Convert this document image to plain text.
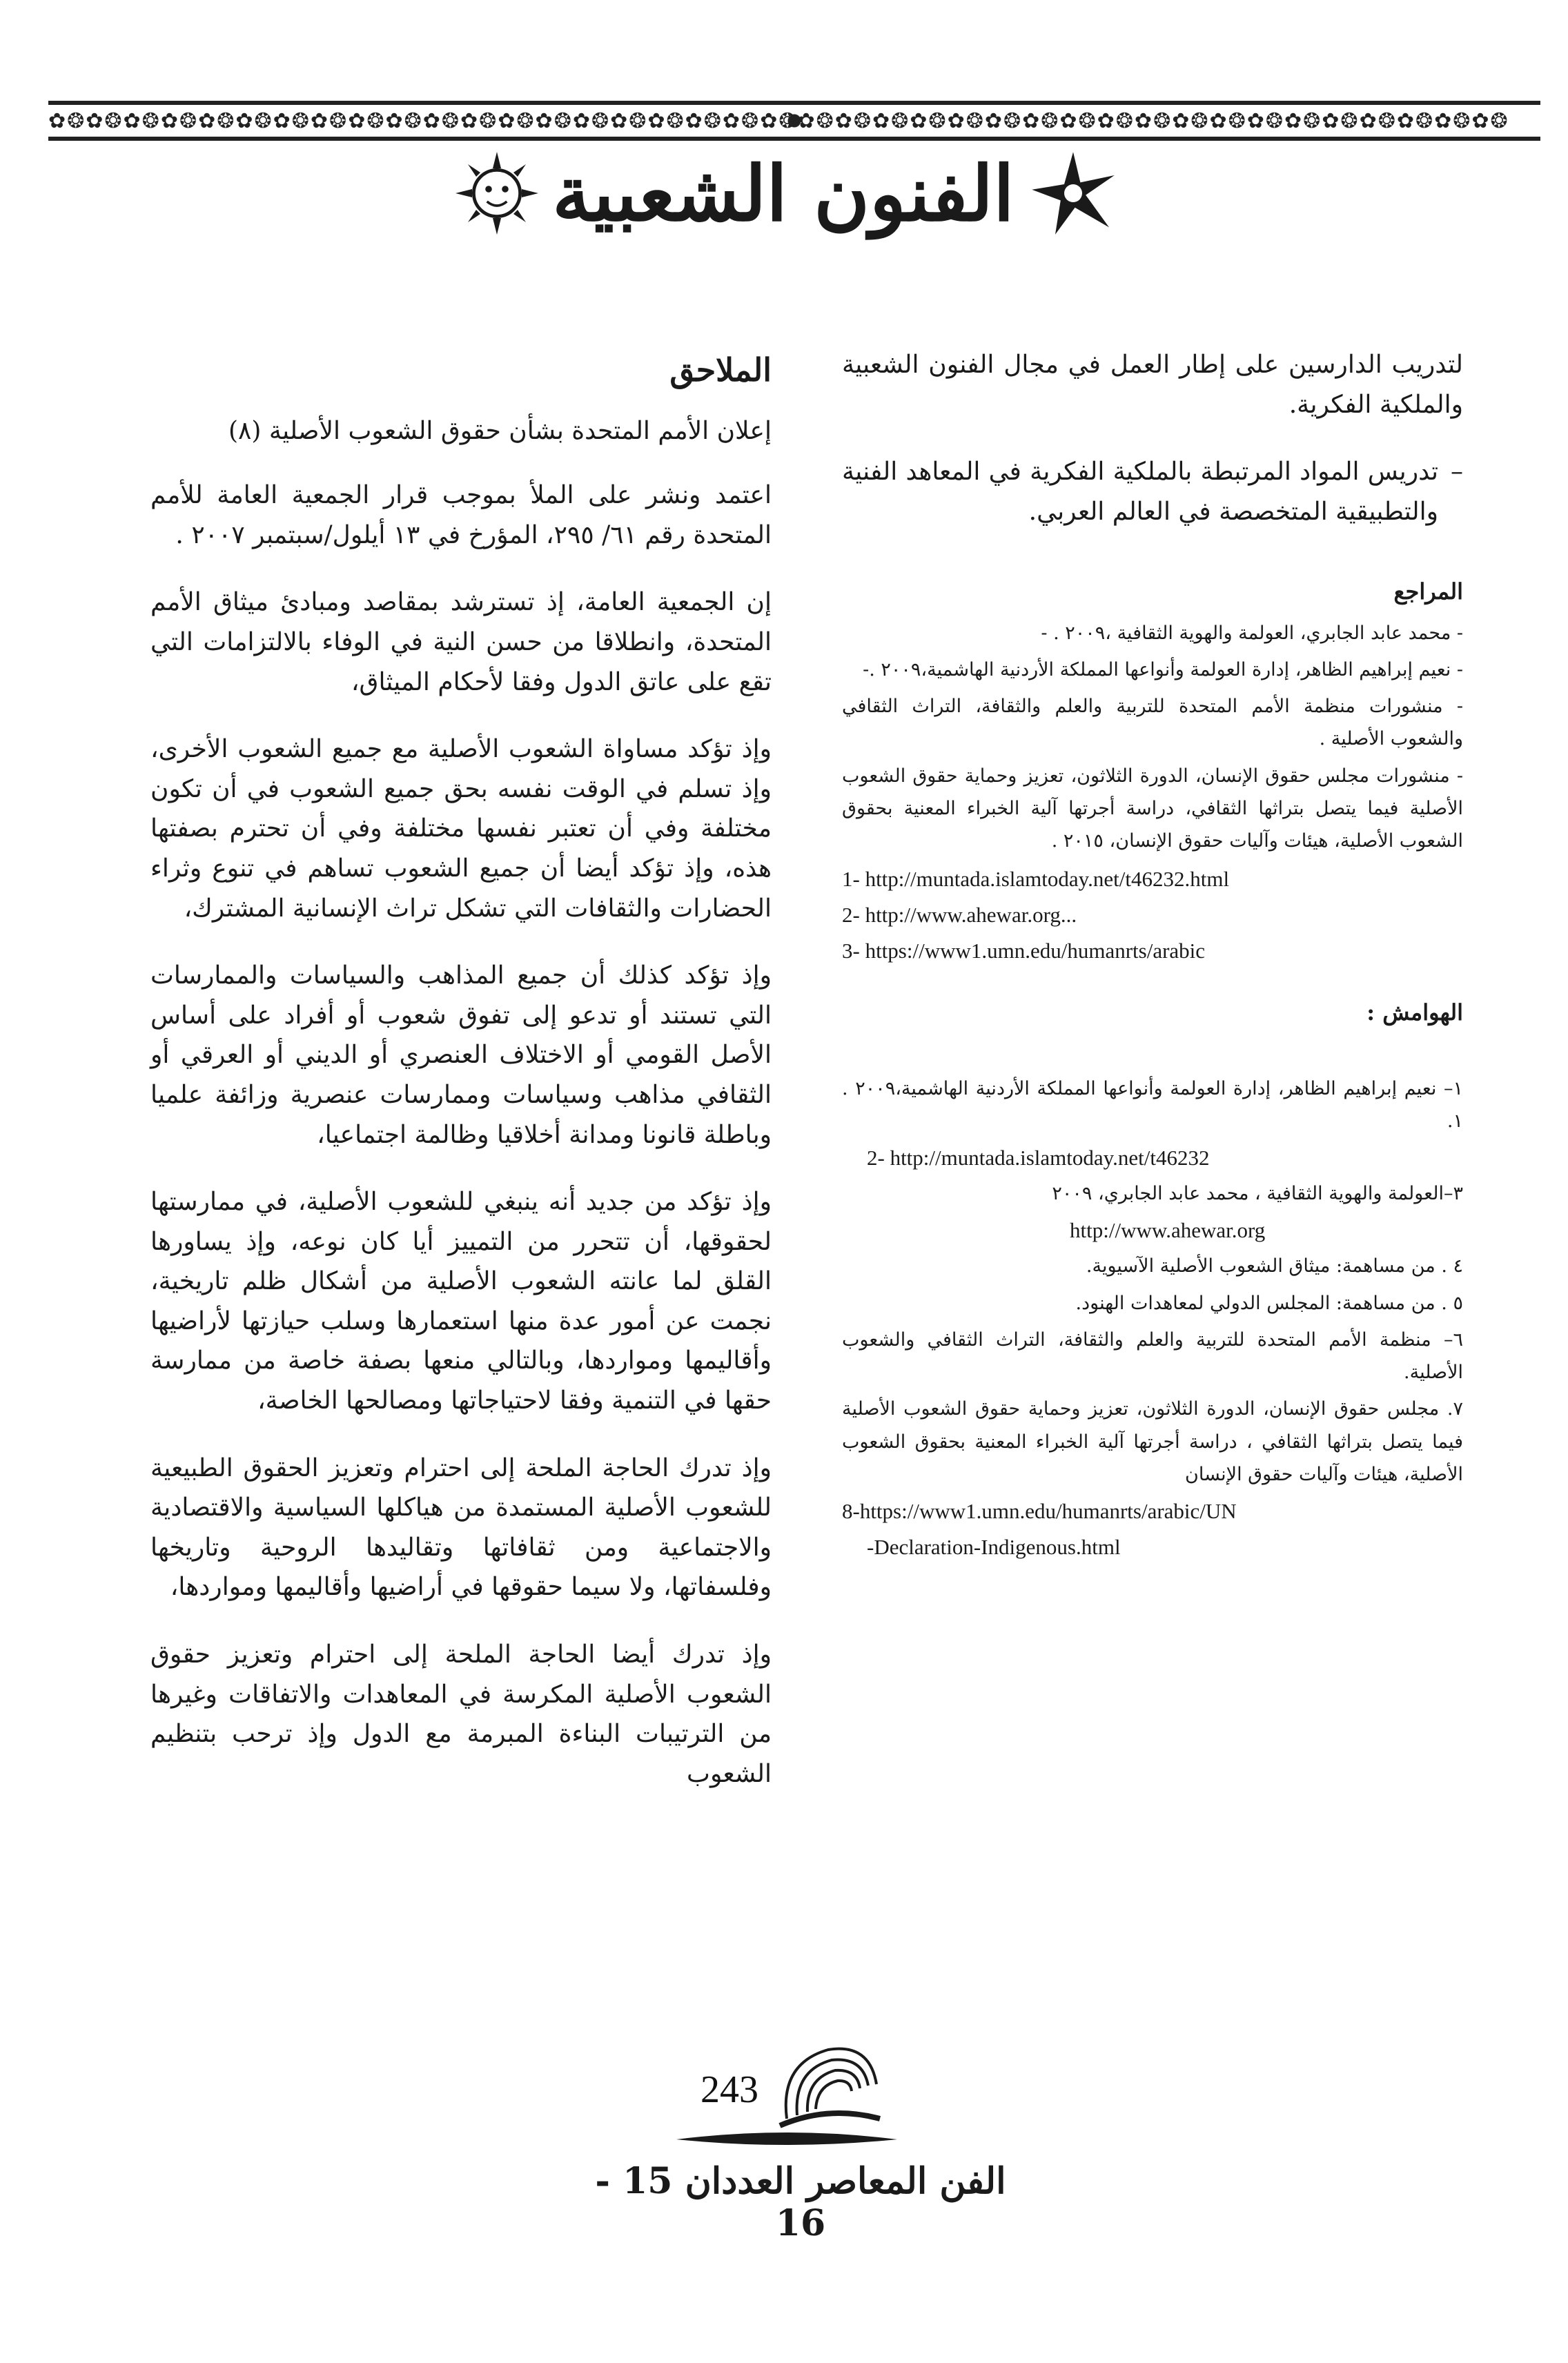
✿❂✿❂✿❂✿❂✿❂✿❂✿❂✿❂✿❂✿❂✿❂✿❂✿❂✿❂✿❂✿❂✿❂✿❂✿❂✿❂✿❂✿❂✿❂✿❂✿❂✿❂✿❂✿❂✿❂✿❂✿❂✿❂✿❂✿❂✿❂✿❂✿❂✿❂✿❂
الفنون الشعبية

لتدريب الدارسين على إطار العمل في مجال الفنون الشعبية والملكية الفكرية.

–

تدريس المواد المرتبطة بالملكية الفكرية في المعاهد الفنية والتطبيقية المتخصصة في العالم العربي.

المراجع

- محمد عابد الجابري، العولمة والهوية الثقافية ،٢٠٠٩ . -

- نعيم إبراهيم الظاهر، إدارة العولمة وأنواعها المملكة الأردنية الهاشمية،٢٠٠٩ .-

- منشورات منظمة الأمم المتحدة للتربية والعلم والثقافة، التراث الثقافي والشعوب الأصلية .

- منشورات مجلس حقوق الإنسان، الدورة الثلاثون، تعزيز وحماية حقوق الشعوب الأصلية فيما يتصل بتراثها الثقافي، دراسة أجرتها آلية الخبراء المعنية بحقوق الشعوب الأصلية، هيئات وآليات حقوق الإنسان، ٢٠١٥ .

1- http://muntada.islamtoday.net/t46232.html

2- http://www.ahewar.org...

3- https://www1.umn.edu/humanrts/arabic

الهوامش :

١– نعيم إبراهيم الظاهر، إدارة العولمة وأنواعها المملكة الأردنية الهاشمية،٢٠٠٩ . ١.

2- http://muntada.islamtoday.net/t46232

٣–العولمة والهوية الثقافية ، محمد عابد الجابري، ٢٠٠٩

http://www.ahewar.org

٤ . من مساهمة: ميثاق الشعوب الأصلية الآسيوية.

٥ . من مساهمة: المجلس الدولي لمعاهدات الهنود.

٦– منظمة الأمم المتحدة للتربية والعلم والثقافة، التراث الثقافي والشعوب الأصلية.

٧. مجلس حقوق الإنسان، الدورة الثلاثون، تعزيز وحماية حقوق الشعوب الأصلية فيما يتصل بتراثها الثقافي ، دراسة أجرتها آلية الخبراء المعنية بحقوق الشعوب الأصلية، هيئات وآليات حقوق الإنسان

8-https://www1.umn.edu/humanrts/arabic/UN

-Declaration-Indigenous.html

الملاحق

إعلان الأمم المتحدة بشأن حقوق الشعوب الأصلية (٨)

اعتمد ونشر على الملأ بموجب قرار الجمعية العامة للأمم المتحدة رقم ٦١/ ٢٩٥، المؤرخ في ١٣ أيلول/سبتمبر ٢٠٠٧ .

إن الجمعية العامة، إذ تسترشد بمقاصد ومبادئ ميثاق الأمم المتحدة، وانطلاقا من حسن النية في الوفاء بالالتزامات التي تقع على عاتق الدول وفقا لأحكام الميثاق،

وإذ تؤكد مساواة الشعوب الأصلية مع جميع الشعوب الأخرى، وإذ تسلم في الوقت نفسه بحق جميع الشعوب في أن تكون مختلفة وفي أن تعتبر نفسها مختلفة وفي أن تحترم بصفتها هذه، وإذ تؤكد أيضا أن جميع الشعوب تساهم في تنوع وثراء الحضارات والثقافات التي تشكل تراث الإنسانية المشترك،

وإذ تؤكد كذلك أن جميع المذاهب والسياسات والممارسات التي تستند أو تدعو إلى تفوق شعوب أو أفراد على أساس الأصل القومي أو الاختلاف العنصري أو الديني أو العرقي أو الثقافي مذاهب وسياسات وممارسات عنصرية وزائفة علميا وباطلة قانونا ومدانة أخلاقيا وظالمة اجتماعيا،

وإذ تؤكد من جديد أنه ينبغي للشعوب الأصلية، في ممارستها لحقوقها، أن تتحرر من التمييز أيا كان نوعه، وإذ يساورها القلق لما عانته الشعوب الأصلية من أشكال ظلم تاريخية، نجمت عن أمور عدة منها استعمارها وسلب حيازتها لأراضيها وأقاليمها ومواردها، وبالتالي منعها بصفة خاصة من ممارسة حقها في التنمية وفقا لاحتياجاتها ومصالحها الخاصة،

وإذ تدرك الحاجة الملحة إلى احترام وتعزيز الحقوق الطبيعية للشعوب الأصلية المستمدة من هياكلها السياسية والاقتصادية والاجتماعية ومن ثقافاتها وتقاليدها الروحية وتاريخها وفلسفاتها، ولا سيما حقوقها في أراضيها وأقاليمها ومواردها،

وإذ تدرك أيضا الحاجة الملحة إلى احترام وتعزيز حقوق الشعوب الأصلية المكرسة في المعاهدات والاتفاقات وغيرها من الترتيبات البناءة المبرمة مع الدول وإذ ترحب بتنظيم الشعوب

243
الفن المعاصر العددان 15 - 16
